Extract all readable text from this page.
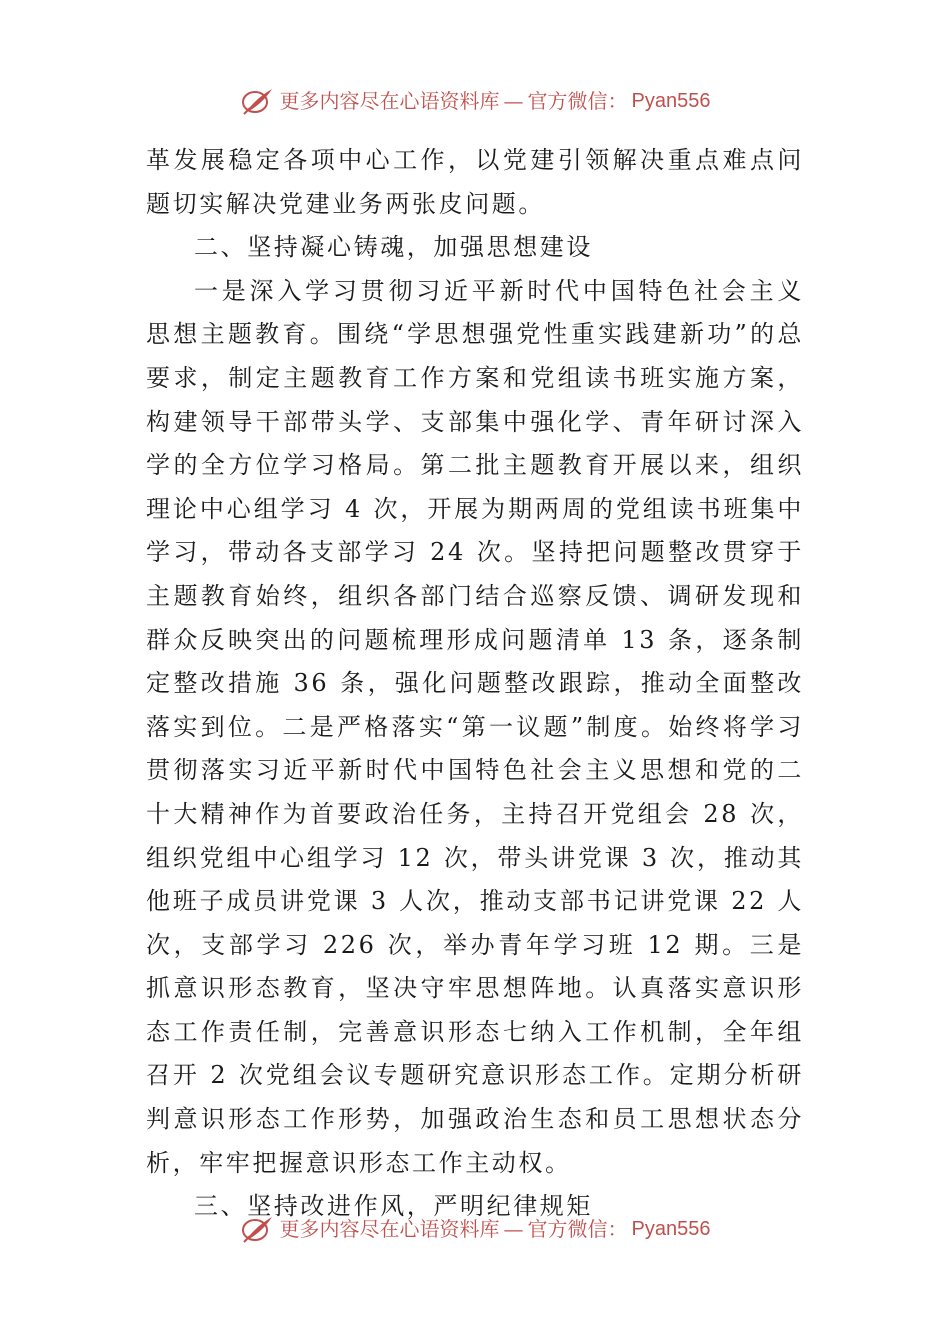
更多内容尽在心语资料库 — 官方微信： Pyan556

革发展稳定各项中心工作，以党建引领解决重点难点问题切实解决党建业务两张皮问题。

二、坚持凝心铸魂，加强思想建设

一是深入学习贯彻习近平新时代中国特色社会主义思想主题教育。围绕“学思想强党性重实践建新功”的总要求，制定主题教育工作方案和党组读书班实施方案，构建领导干部带头学、支部集中强化学、青年研讨深入学的全方位学习格局。第二批主题教育开展以来，组织理论中心组学习 4 次，开展为期两周的党组读书班集中学习，带动各支部学习 24 次。坚持把问题整改贯穿于主题教育始终，组织各部门结合巡察反馈、调研发现和群众反映突出的问题梳理形成问题清单 13 条，逐条制定整改措施 36 条，强化问题整改跟踪，推动全面整改落实到位。二是严格落实“第一议题”制度。始终将学习贯彻落实习近平新时代中国特色社会主义思想和党的二十大精神作为首要政治任务，主持召开党组会 28 次，组织党组中心组学习 12 次，带头讲党课 3 次，推动其他班子成员讲党课 3 人次，推动支部书记讲党课 22 人次，支部学习 226 次，举办青年学习班 12 期。三是抓意识形态教育，坚决守牢思想阵地。认真落实意识形态工作责任制，完善意识形态七纳入工作机制，全年组召开 2 次党组会议专题研究意识形态工作。定期分析研判意识形态工作形势，加强政治生态和员工思想状态分析，牢牢把握意识形态工作主动权。

三、坚持改进作风，严明纪律规矩

更多内容尽在心语资料库 — 官方微信： Pyan556
